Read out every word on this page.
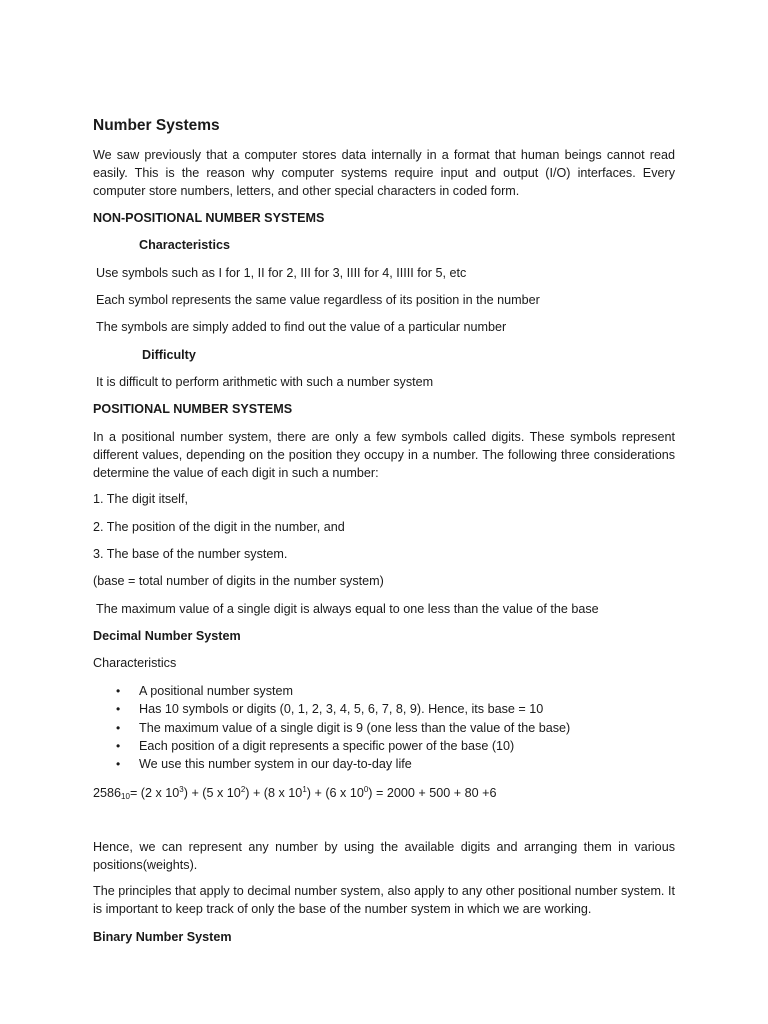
Number Systems

We saw previously that a computer stores data internally in a format that human beings cannot read easily. This is the reason why computer systems require input and output (I/O) interfaces. Every computer store numbers, letters, and other special characters in coded form.

NON-POSITIONAL NUMBER SYSTEMS

Characteristics

Use symbols such as I for 1, II for 2, III for 3, IIII for 4, IIIII for 5, etc

Each symbol represents the same value regardless of its position in the number

The symbols are simply added to find out the value of a particular number

Difficulty

It is difficult to perform arithmetic with such a number system

POSITIONAL NUMBER SYSTEMS

In a positional number system, there are only a few symbols called digits. These symbols represent different values, depending on the position they occupy in a number. The following three considerations determine the value of each digit in such a number:

1. The digit itself,

2. The position of the digit in the number, and

3. The base of the number system.

(base = total number of digits in the number system)

The maximum value of a single digit is always equal to one less than the value of the base

Decimal Number System

Characteristics

• A positional number system
• Has 10 symbols or digits (0, 1, 2, 3, 4, 5, 6, 7, 8, 9). Hence, its base = 10
• The maximum value of a single digit is 9 (one less than the value of the base)
• Each position of a digit represents a specific power of the base (10)
• We use this number system in our day-to-day life

$2586_{10}= (2$ x $10^3) + (5$ x $10^2) + (8$ x $10^1) + (6$ x $10^0) = 2000 + 500 + 80 +6$

Hence, we can represent any number by using the available digits and arranging them in various positions(weights).

The principles that apply to decimal number system, also apply to any other positional number system. It is important to keep track of only the base of the number system in which we are working.

Binary Number System
